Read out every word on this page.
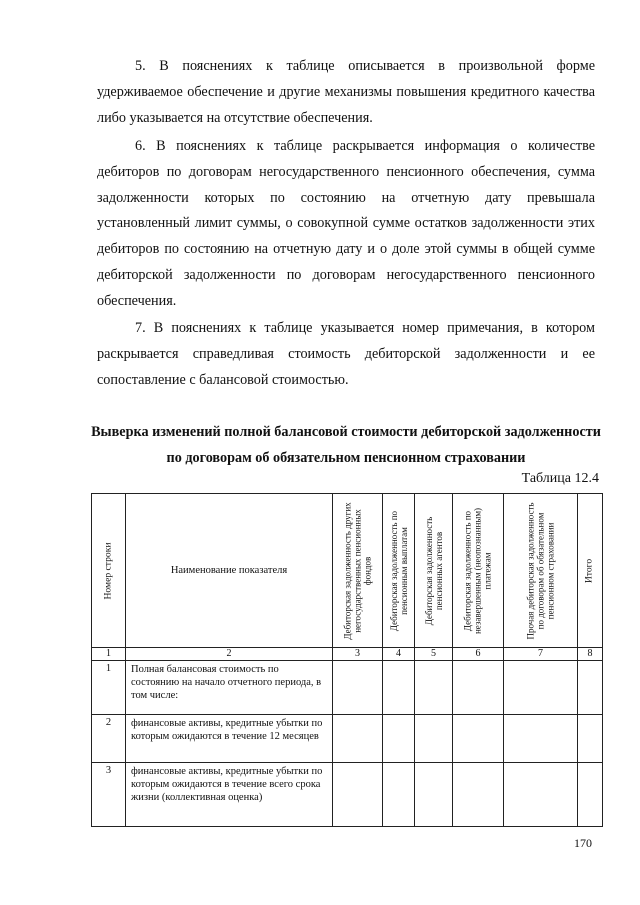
5. В пояснениях к таблице описывается в произвольной форме удерживаемое обеспечение и другие механизмы повышения кредитного качества либо указывается на отсутствие обеспечения.

6. В пояснениях к таблице раскрывается информация о количестве дебиторов по договорам негосударственного пенсионного обеспечения, сумма задолженности которых по состоянию на отчетную дату превышала установленный лимит суммы, о совокупной сумме остатков задолженности этих дебиторов по состоянию на отчетную дату и о доле этой суммы в общей сумме дебиторской задолженности по договорам негосударственного пенсионного обеспечения.

7. В пояснениях к таблице указывается номер примечания, в котором раскрывается справедливая стоимость дебиторской задолженности и ее сопоставление с балансовой стоимостью.

Выверка изменений полной балансовой стоимости дебиторской задолженности по договорам об обязательном пенсионном страховании

Таблица 12.4
Номер строки	Наименование показателя	Дебиторская задолженность других негосударственных пенсионных фондов	Дебиторская задолженность по пенсионным выплатам	Дебиторская задолженность пенсионных агентов	Дебиторская задолженность по незавершенным (неопознанным) платежам	Прочая дебиторская задолженность по договорам об обязательном пенсионном страховании	Итого

1	2	3	4	5	6	7	8
1	Полная балансовая стоимость по состоянию на начало отчетного периода, в том числе:						
2	финансовые активы, кредитные убытки по которым ожидаются в течение 12 месяцев						
3	финансовые активы, кредитные убытки по которым ожидаются в течение всего срока жизни (коллективная оценка)						
170
